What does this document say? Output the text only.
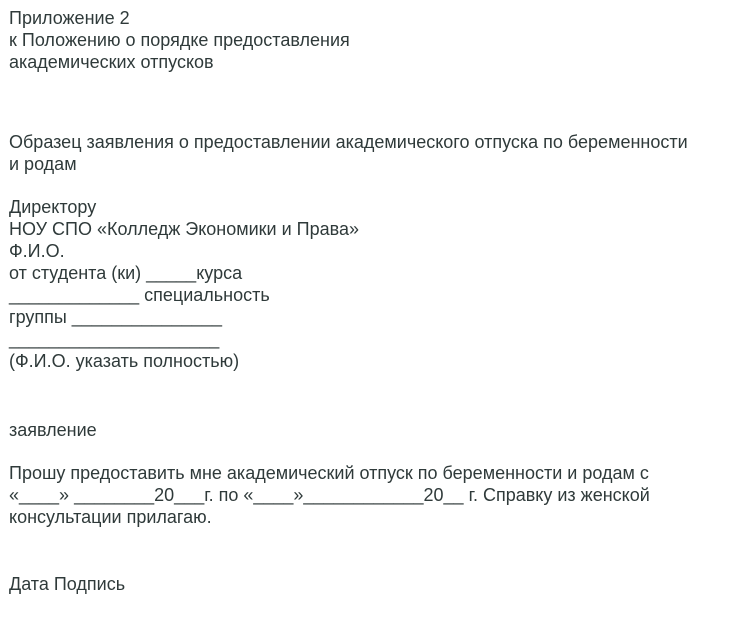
Приложение 2
к Положению о порядке предоставления
академических отпусков
Образец заявления о предоставлении академического отпуска по беременности
и родам
Директору
НОУ СПО «Колледж Экономики и Права»
Ф.И.О.
от студента (ки) _____курса
_____________ специальность
группы _______________
_____________________
(Ф.И.О. указать полностью)
заявление
Прошу предоставить мне академический отпуск по беременности и родам с
«____» ________20___г. по «____»____________20__ г. Справку из женской
консультации прилагаю.
Дата Подпись
